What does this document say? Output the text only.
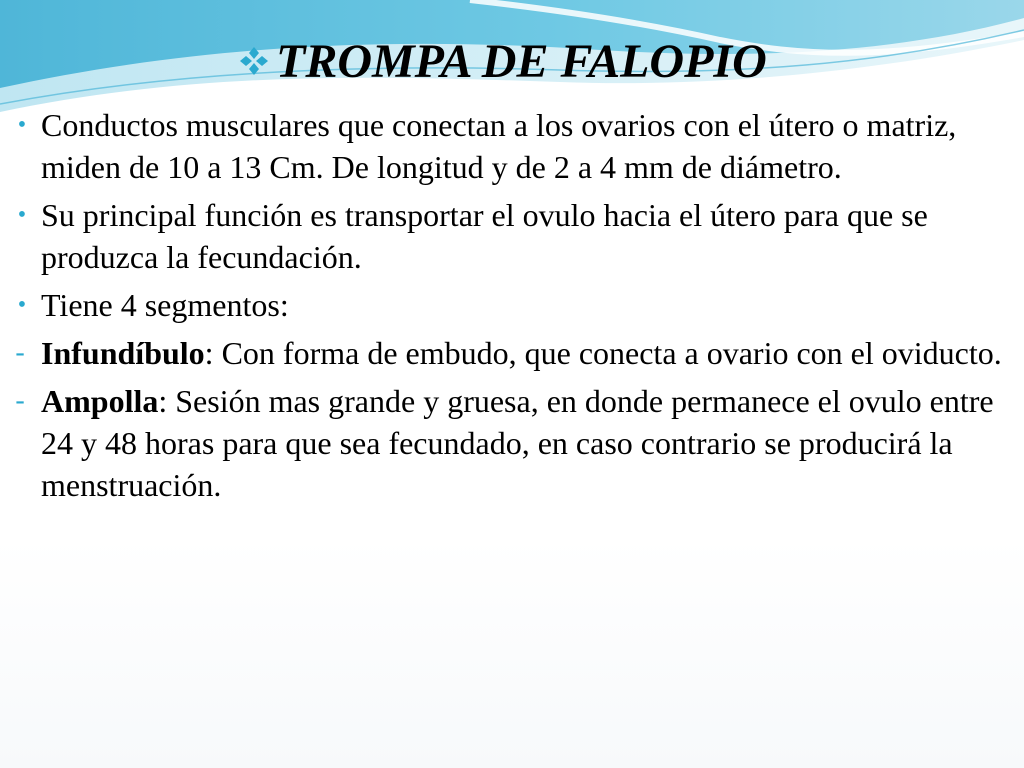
TROMPA DE FALOPIO
• Conductos musculares que conectan a los ovarios con el útero o matriz, miden de 10 a 13 Cm. De longitud y de 2 a 4 mm de diámetro.
• Su principal función es transportar el ovulo hacia el útero para que se produzca la fecundación.
• Tiene 4 segmentos:
- Infundíbulo: Con forma de embudo, que conecta a ovario con el oviducto.
- Ampolla: Sesión mas grande y gruesa, en donde permanece el ovulo entre 24 y 48 horas para que sea fecundado, en caso contrario se producirá la menstruación.
